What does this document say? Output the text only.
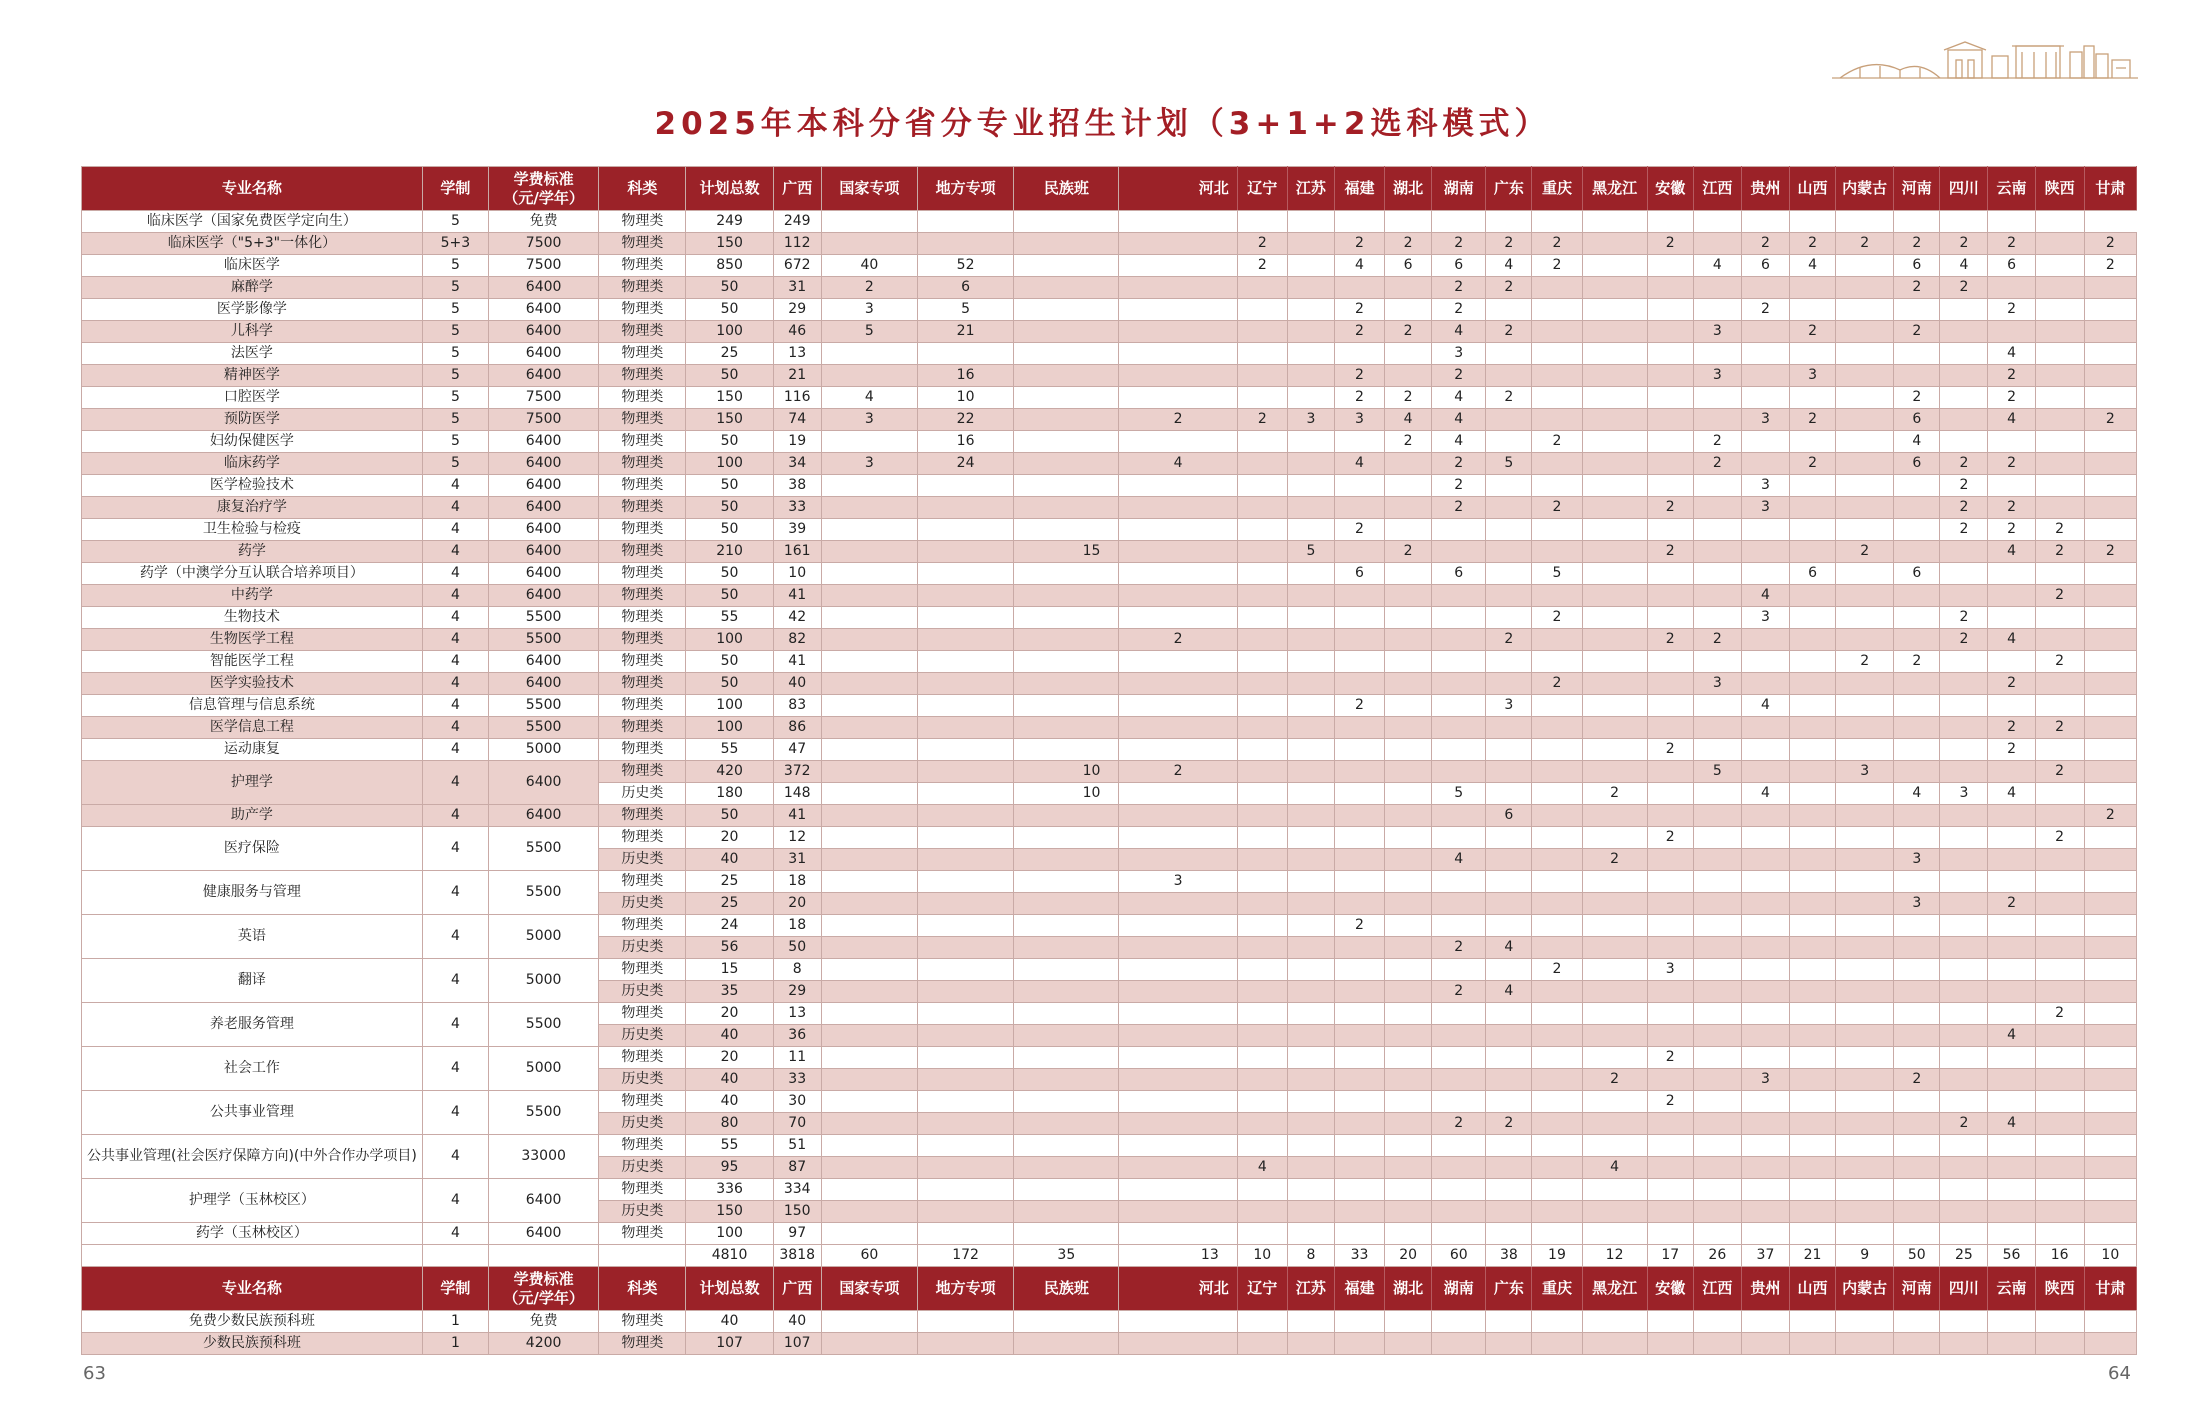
2025年本科分省分专业招生计划（3+1+2选科模式）
专业名称	学制	学费标准
（元/学年）	科类	计划总数	广西	国家专项	地方专项	民族班	河北	辽宁	江苏	福建	湖北	湖南	广东	重庆	黑龙江	安徽	江西	贵州	山西	内蒙古	河南	四川	云南	陕西	甘肃
临床医学（国家免费医学定向生）	5	免费	物理类	249	249																						
临床医学（"5+3"一体化）	5+3	7500	物理类	150	112					2		2	2	2	2	2		2		2	2	2	2	2	2		2
临床医学	5	7500	物理类	850	672	40	52			2		4	6	6	4	2			4	6	4		6	4	6		2
麻醉学	5	6400	物理类	50	31	2	6							2	2								2	2			
医学影像学	5	6400	物理类	50	29	3	5					2		2						2					2		
儿科学	5	6400	物理类	100	46	5	21					2	2	4	2				3		2		2				
法医学	5	6400	物理类	25	13									3											4		
精神医学	5	6400	物理类	50	21		16					2		2					3		3				2		
口腔医学	5	7500	物理类	150	116	4	10					2	2	4	2								2		2		
预防医学	5	7500	物理类	150	74	3	22		2	2	3	3	4	4						3	2		6		4		2
妇幼保健医学	5	6400	物理类	50	19		16						2	4		2			2				4				
临床药学	5	6400	物理类	100	34	3	24		4			4		2	5				2		2		6	2	2		
医学检验技术	4	6400	物理类	50	38									2						3				2			
康复治疗学	4	6400	物理类	50	33									2		2		2		3				2	2		
卫生检验与检疫	4	6400	物理类	50	39							2												2	2	2	
药学	4	6400	物理类	210	161			15			5		2					2				2			4	2	2
药学（中澳学分互认联合培养项目）	4	6400	物理类	50	10							6		6		5					6		6				
中药学	4	6400	物理类	50	41															4						2	
生物技术	4	5500	物理类	55	42											2				3				2			
生物医学工程	4	5500	物理类	100	82				2						2			2	2					2	4		
智能医学工程	4	6400	物理类	50	41																	2	2			2	
医学实验技术	4	6400	物理类	50	40											2			3						2		
信息管理与信息系统	4	5500	物理类	100	83							2			3					4							
医学信息工程	4	5500	物理类	100	86																				2	2	
运动康复	4	5000	物理类	55	47													2							2		
护理学	4	6400	物理类	420	372			10	2										5			3				2	
			历史类	180	148			10						5			2			4			4	3	4		
助产学	4	6400	物理类	50	41										6												2
医疗保险	4	5500	物理类	20	12													2								2	
			历史类	40	31									4			2						3				
健康服务与管理	4	5500	物理类	25	18				3																		
			历史类	25	20																		3		2		
英语	4	5000	物理类	24	18							2															
			历史类	56	50									2	4												
翻译	4	5000	物理类	15	8											2		3									
			历史类	35	29									2	4												
养老服务管理	4	5500	物理类	20	13																					2	
			历史类	40	36																				4		
社会工作	4	5000	物理类	20	11													2									
			历史类	40	33												2			3			2				
公共事业管理	4	5500	物理类	40	30													2									
			历史类	80	70									2	2									2	4		
公共事业管理(社会医疗保障方向)(中外合作办学项目)	4	33000	物理类	55	51																						
			历史类	95	87					4							4										
护理学（玉林校区）	4	6400	物理类	336	334																						
			历史类	150	150																						
药学（玉林校区）	4	6400	物理类	100	97																						
				4810	3818	60	172	35	13	10	8	33	20	60	38	19	12	17	26	37	21	9	50	25	56	16	10
专业名称	学制	学费标准
（元/学年）	科类	计划总数	广西	国家专项	地方专项	民族班	河北	辽宁	江苏	福建	湖北	湖南	广东	重庆	黑龙江	安徽	江西	贵州	山西	内蒙古	河南	四川	云南	陕西	甘肃
免费少数民族预科班	1	免费	物理类	40	40																						
少数民族预科班	1	4200	物理类	107	107																						
63	64
